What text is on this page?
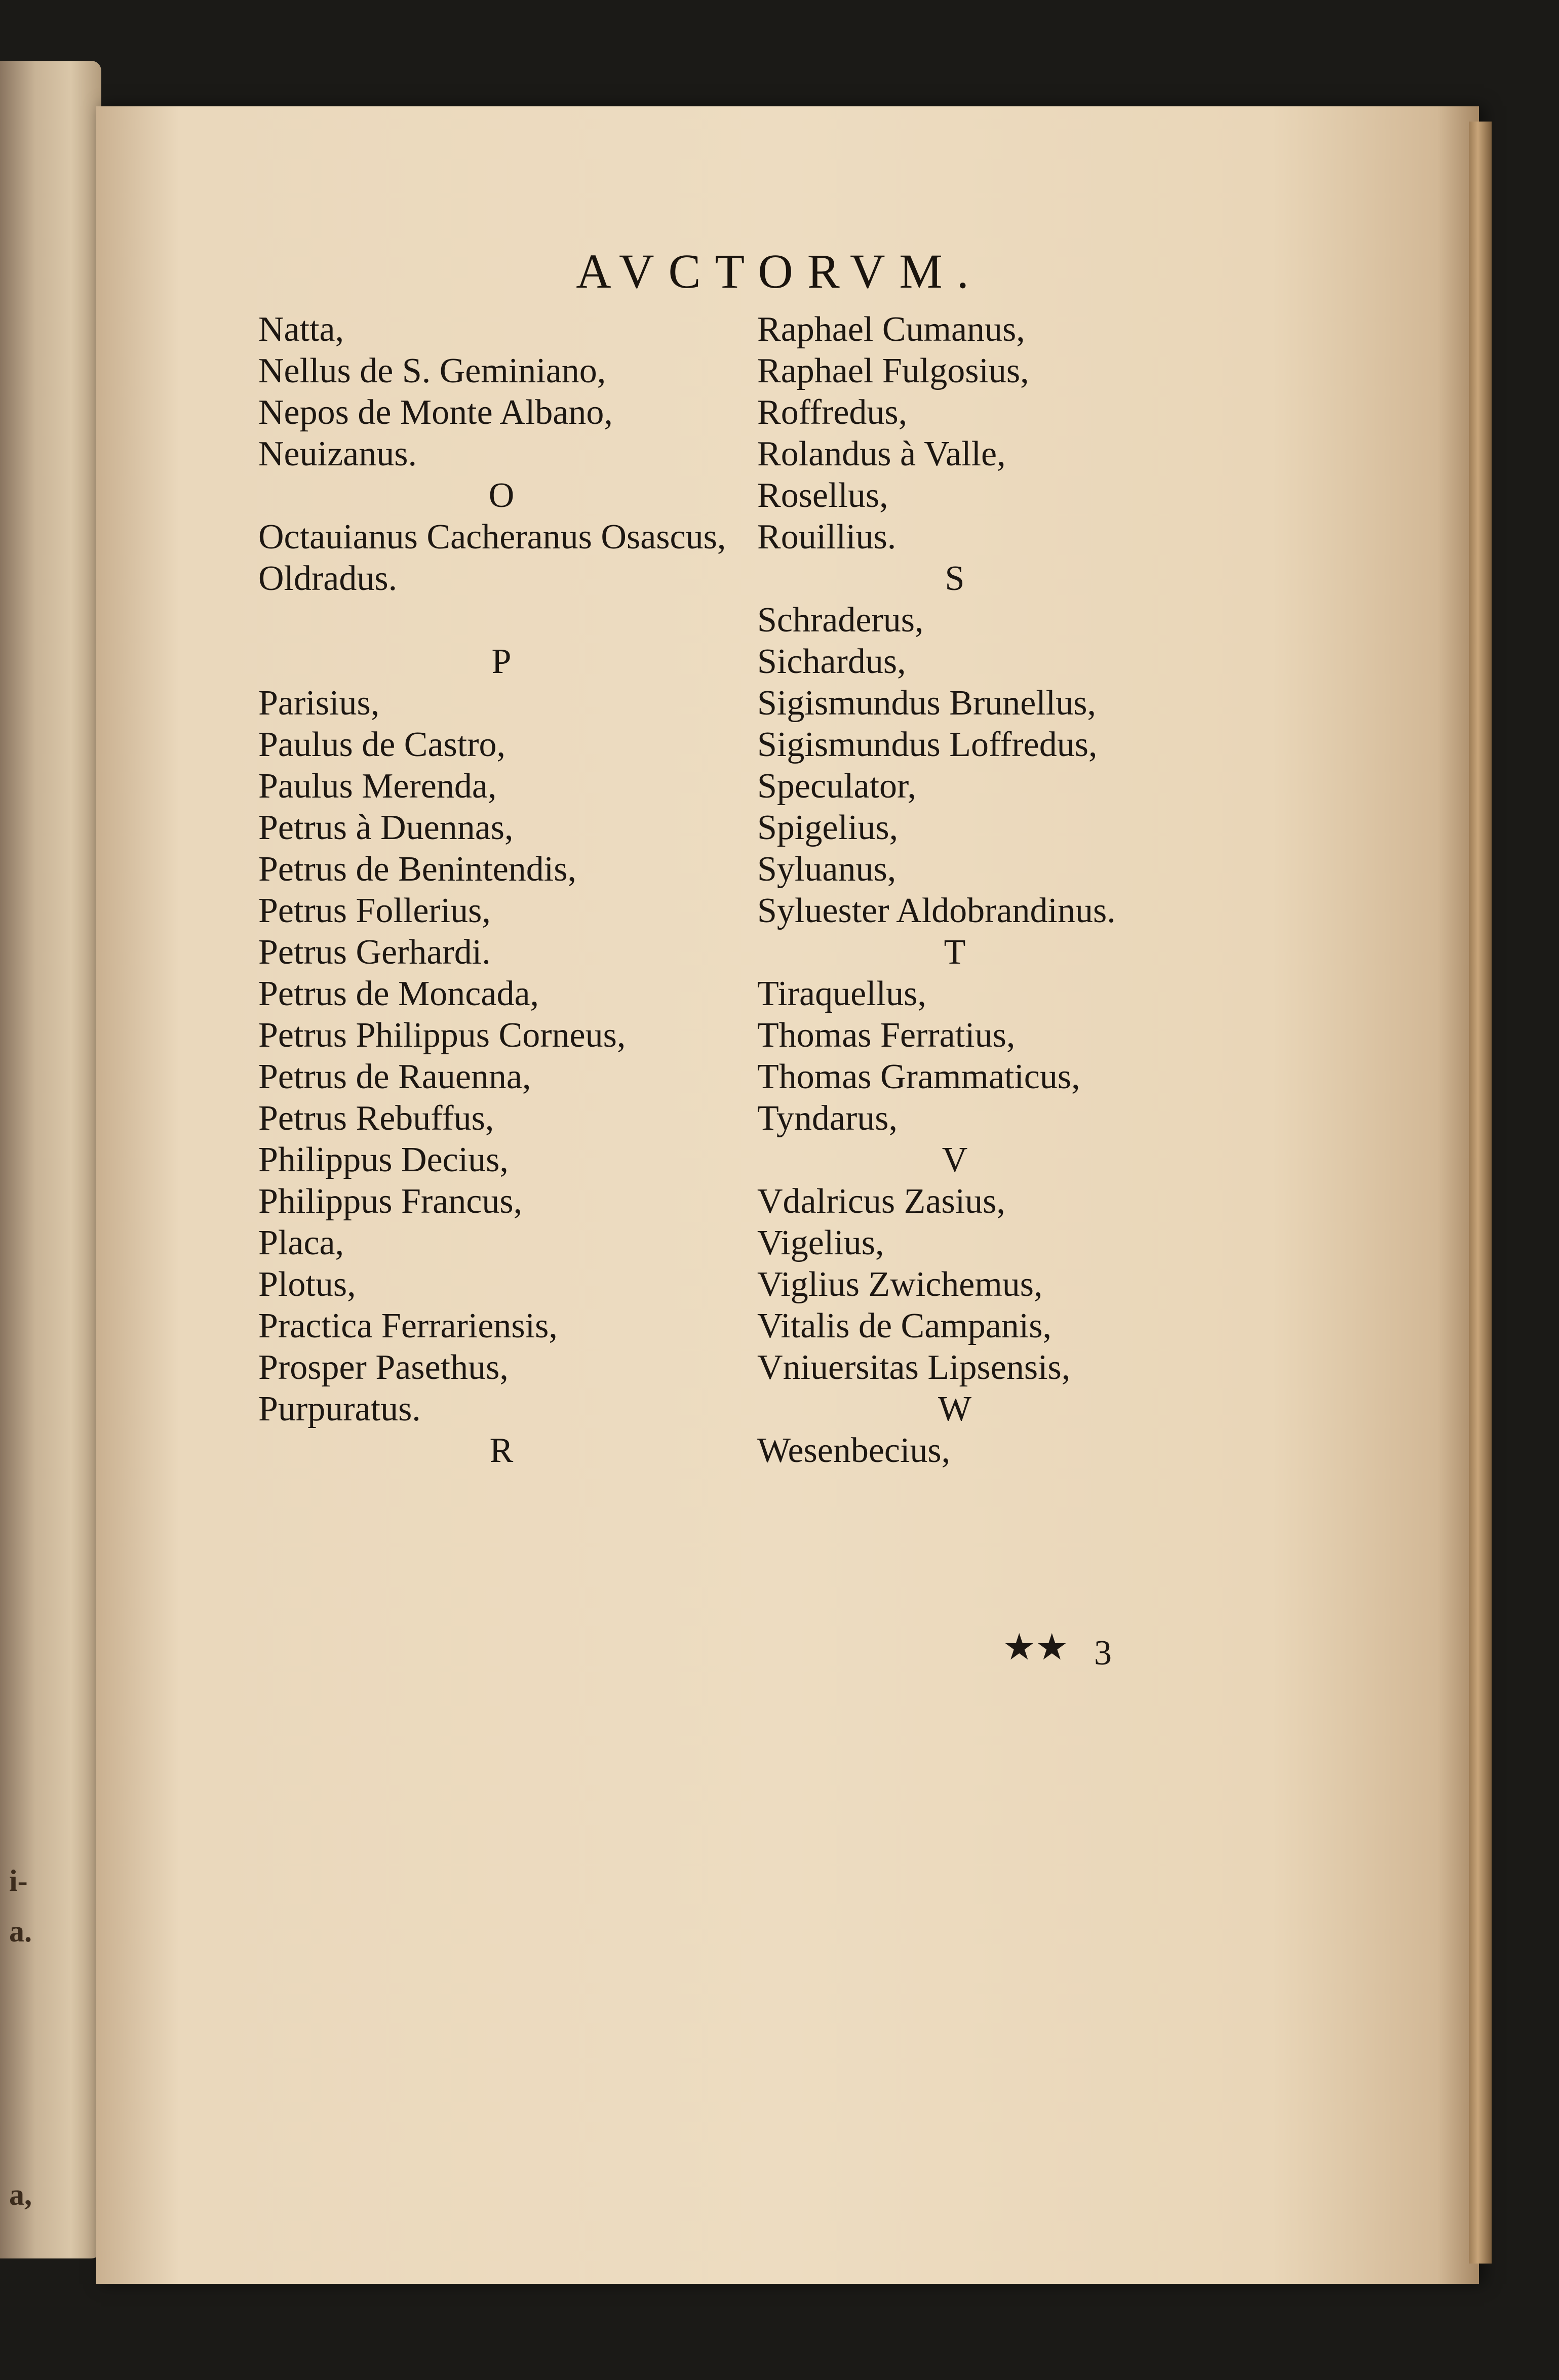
i-
a.
a,
AVCTORVM.
Natta,
Nellus de S. Geminiano,
Nepos de Monte Albano,
Neuizanus.
O
Octauianus Cacheranus Osascus,
Oldradus.
P
Parisius,
Paulus de Castro,
Paulus Merenda,
Petrus à Duennas,
Petrus de Benintendis,
Petrus Follerius,
Petrus Gerhardi.
Petrus de Moncada,
Petrus Philippus Corneus,
Petrus de Rauenna,
Petrus Rebuffus,
Philippus Decius,
Philippus Francus,
Placa,
Plotus,
Practica Ferrariensis,
Prosper Pasethus,
Purpuratus.
R
Raphael Cumanus,
Raphael Fulgosius,
Roffredus,
Rolandus à Valle,
Rosellus,
Rouillius.
S
Schraderus,
Sichardus,
Sigismundus Brunellus,
Sigismundus Loffredus,
Speculator,
Spigelius,
Syluanus,
Syluester Aldobrandinus.
T
Tiraquellus,
Thomas Ferratius,
Thomas Grammaticus,
Tyndarus,
V
Vdalricus Zasius,
Vigelius,
Viglius Zwichemus,
Vitalis de Campanis,
Vniuersitas Lipsensis,
W
Wesenbecius,
★★ 3
